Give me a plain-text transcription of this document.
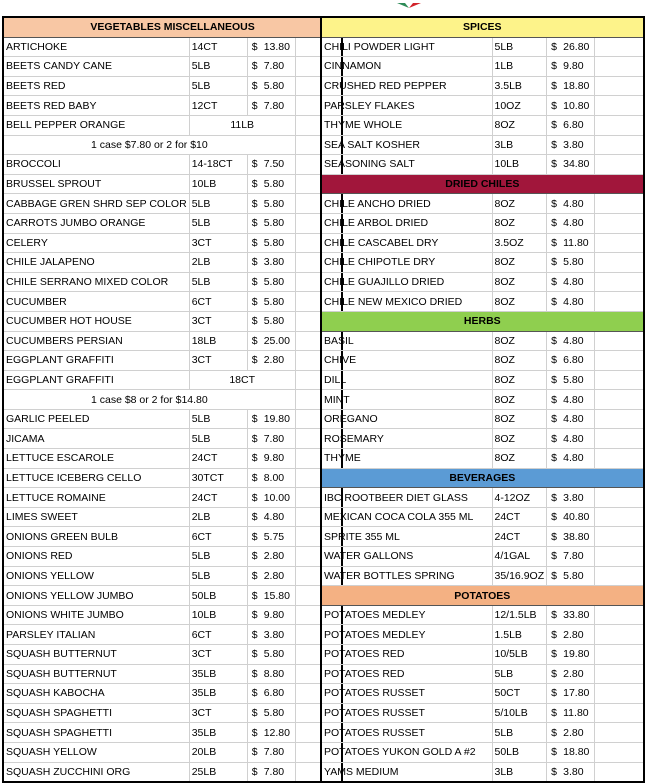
VEGETABLES MISCELLANEOUS			
ARTICHOKE	14CT	$ 13.80	
BEETS CANDY CANE	5LB	$ 7.80	
BEETS RED	5LB	$ 5.80	
BEETS RED BABY	12CT	$ 7.80	
BELL PEPPER ORANGE	11LB		
1 case $7.80 or 2 for $10			
BROCCOLI	14-18CT	$ 7.50	
BRUSSEL SPROUT	10LB	$ 5.80	
CABBAGE GREN SHRD SEP COLOR	5LB	$ 5.80	
CARROTS JUMBO ORANGE	5LB	$ 5.80	
CELERY	3CT	$ 5.80	
CHILE JALAPENO	2LB	$ 3.80	
CHILE SERRANO MIXED COLOR	5LB	$ 5.80	
CUCUMBER	6CT	$ 5.80	
CUCUMBER HOT HOUSE	3CT	$ 5.80	
CUCUMBERS PERSIAN	18LB	$ 25.00	
EGGPLANT GRAFFITI	3CT	$ 2.80	
EGGPLANT GRAFFITI	18CT		
1 case $8 or 2 for $14.80			
GARLIC PEELED	5LB	$ 19.80	
JICAMA	5LB	$ 7.80	
LETTUCE ESCAROLE	24CT	$ 9.80	
LETTUCE ICEBERG CELLO	30TCT	$ 8.00	
LETTUCE ROMAINE	24CT	$ 10.00	
LIMES SWEET	2LB	$ 4.80	
ONIONS GREEN BULB	6CT	$ 5.75	
ONIONS RED	5LB	$ 2.80	
ONIONS YELLOW	5LB	$ 2.80	
ONIONS YELLOW JUMBO	50LB	$ 15.80	
ONIONS WHITE JUMBO	10LB	$ 9.80	
PARSLEY ITALIAN	6CT	$ 3.80	
SQUASH BUTTERNUT	3CT	$ 5.80	
SQUASH BUTTERNUT	35LB	$ 8.80	
SQUASH KABOCHA	35LB	$ 6.80	
SQUASH SPAGHETTI	3CT	$ 5.80	
SQUASH SPAGHETTI	35LB	$ 12.80	
SQUASH YELLOW	20LB	$ 7.80	
SQUASH ZUCCHINI ORG	25LB	$ 7.80	
SPICES			
CHILI POWDER LIGHT	5LB	$ 26.80	
CINNAMON	1LB	$ 9.80	
CRUSHED RED PEPPER	3.5LB	$ 18.80	
PARSLEY FLAKES	10OZ	$ 10.80	
THYME WHOLE	8OZ	$ 6.80	
SEA SALT KOSHER	3LB	$ 3.80	
SEASONING SALT	10LB	$ 34.80	
DRIED CHILES			
CHILE ANCHO DRIED	8OZ	$ 4.80	
CHILE ARBOL DRIED	8OZ	$ 4.80	
CHILE CASCABEL DRY	3.5OZ	$ 11.80	
CHILE CHIPOTLE DRY	8OZ	$ 5.80	
CHILE GUAJILLO DRIED	8OZ	$ 4.80	
CHILE NEW MEXICO DRIED	8OZ	$ 4.80	
HERBS			
BASIL	8OZ	$ 4.80	
CHIVE	8OZ	$ 6.80	
DILL	8OZ	$ 5.80	
MINT	8OZ	$ 4.80	
OREGANO	8OZ	$ 4.80	
ROSEMARY	8OZ	$ 4.80	
THYME	8OZ	$ 4.80	
BEVERAGES			
IBC ROOTBEER DIET GLASS	4-12OZ	$ 3.80	
MEXICAN COCA COLA 355 ML	24CT	$ 40.80	
SPRITE 355 ML	24CT	$ 38.80	
WATER GALLONS	4/1GAL	$ 7.80	
WATER BOTTLES SPRING	35/16.9OZ	$ 5.80	
POTATOES			
POTATOES MEDLEY	12/1.5LB	$ 33.80	
POTATOES MEDLEY	1.5LB	$ 2.80	
POTATOES RED	10/5LB	$ 19.80	
POTATOES RED	5LB	$ 2.80	
POTATOES RUSSET	50CT	$ 17.80	
POTATOES RUSSET	5/10LB	$ 11.80	
POTATOES RUSSET	5LB	$ 2.80	
POTATOES YUKON GOLD A #2	50LB	$ 18.80	
YAMS MEDIUM	3LB	$ 3.80	
